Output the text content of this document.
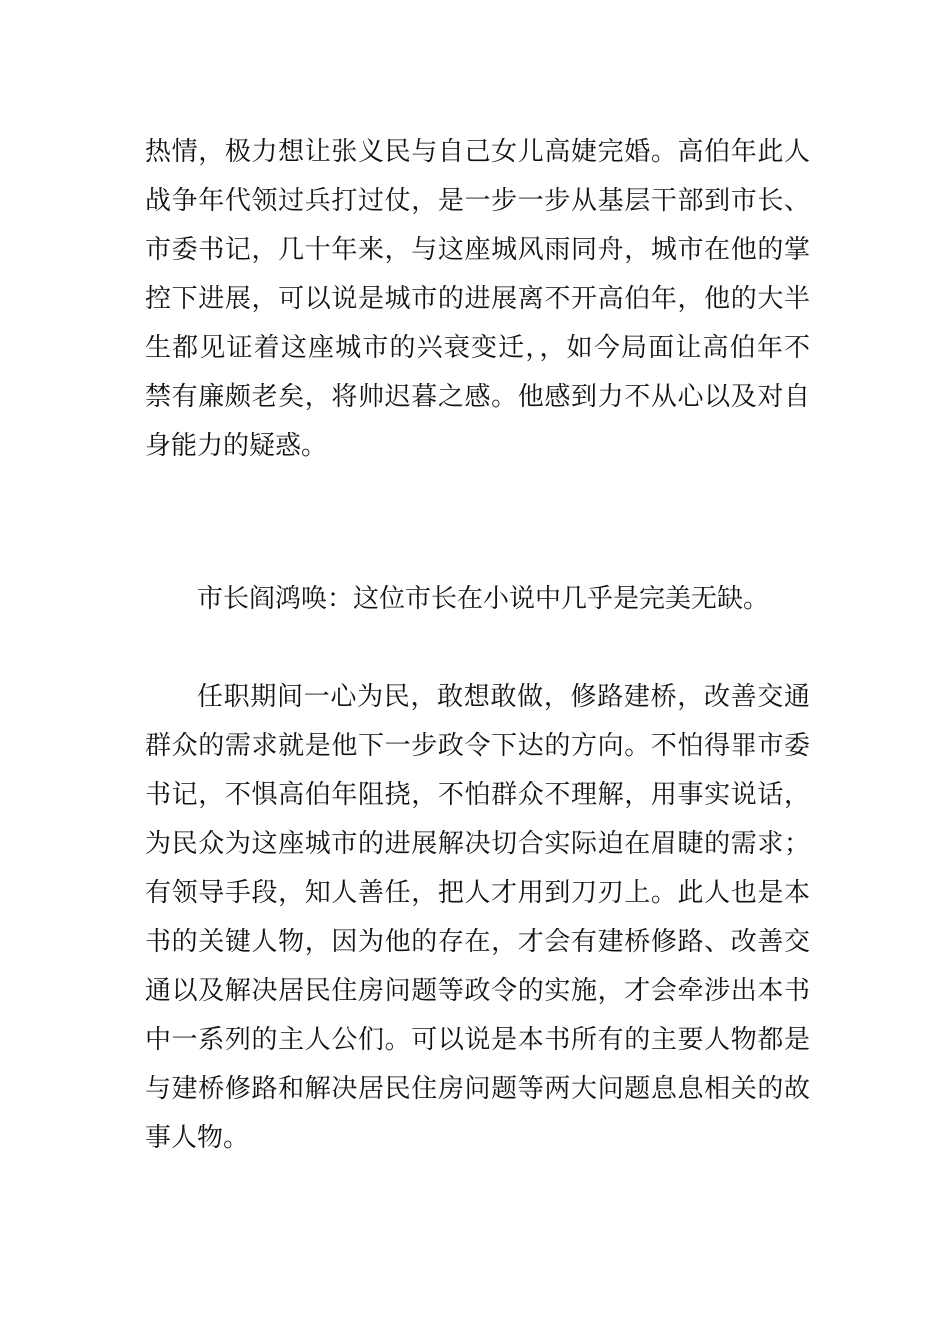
热情，极力想让张义民与自己女儿高婕完婚。高伯年此人
战争年代领过兵打过仗，是一步一步从基层干部到市长、
市委书记，几十年来，与这座城风雨同舟，城市在他的掌
控下进展，可以说是城市的进展离不开高伯年，他的大半
生都见证着这座城市的兴衰变迁，，如今局面让高伯年不
禁有廉颇老矣，将帅迟暮之感。他感到力不从心以及对自
身能力的疑惑。
市长阎鸿唤：这位市长在小说中几乎是完美无缺。
任职期间一心为民，敢想敢做，修路建桥，改善交通
群众的需求就是他下一步政令下达的方向。不怕得罪市委
书记，不惧高伯年阻挠，不怕群众不理解，用事实说话，
为民众为这座城市的进展解决切合实际迫在眉睫的需求；
有领导手段，知人善任，把人才用到刀刃上。此人也是本
书的关键人物，因为他的存在，才会有建桥修路、改善交
通以及解决居民住房问题等政令的实施，才会牵涉出本书
中一系列的主人公们。可以说是本书所有的主要人物都是
与建桥修路和解决居民住房问题等两大问题息息相关的故
事人物。
